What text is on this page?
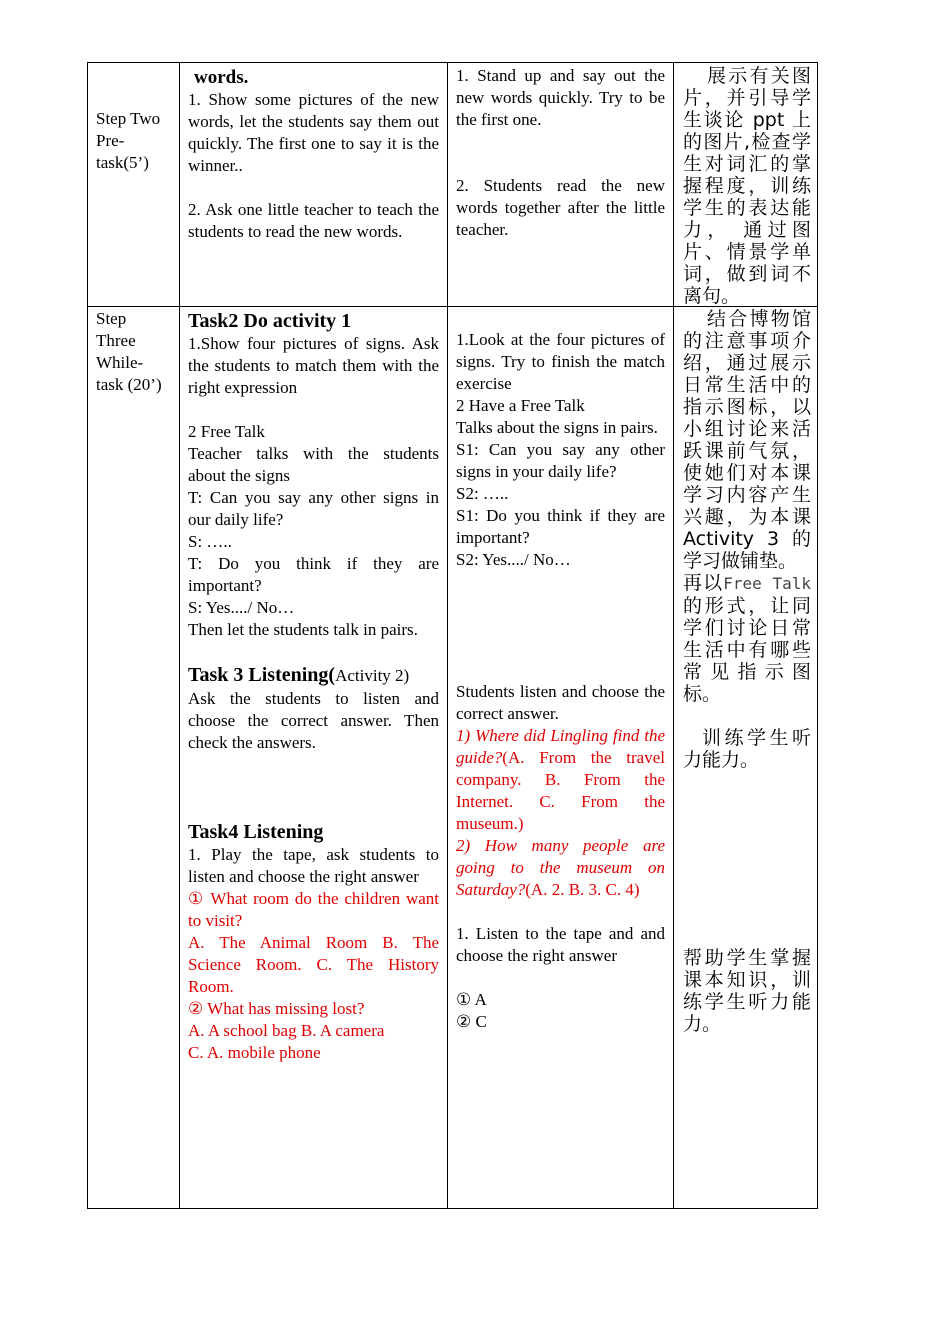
Step Two

Pre-

task(5’)

words.

1. Show some pictures of the new words, let the students say them out quickly. The first one to say it is the winner..

2. Ask one little teacher to teach the students to read the new words.

1. Stand up and say out the new words quickly. Try to be the first one.

2. Students read the new words together after the little teacher.

展示有关图片，并引导学生谈论 ppt 上的图片,检查学生对词汇的掌握程度，训练学生的表达能力， 通过图片、情景学单词，做到词不离句。

Step

Three

While-

task (20’)

Task2 Do activity 1

1.Show four pictures of signs. Ask the students to match them with the right expression

2 Free Talk

Teacher talks with the students about the signs

T: Can you say any other signs in our daily life?

S: …..

T: Do you think if they are important?

S: Yes..../ No…

Then let the students talk in pairs.

Task 3 Listening(Activity 2)

Ask the students to listen and choose the correct answer. Then check the answers.

Task4 Listening

1. Play the tape, ask students to listen and choose the right answer

① What room do the children want to visit?

A. The Animal Room B. The Science Room. C. The History Room.

② What has missing lost?

A. A school bag B. A camera

C. A. mobile phone

1.Look at the four pictures of signs. Try to finish the match exercise

2 Have a Free Talk

Talks about the signs in pairs.

S1: Can you say any other signs in your daily life?

S2: …..

S1: Do you think if they are important?

S2: Yes..../ No…

Students listen and choose the correct answer.

1) Where did Lingling find the guide?(A. From the travel company. B. From the Internet. C. From the museum.)

2) How many people are going to the museum on Saturday?(A. 2. B. 3. C. 4)

1. Listen to the tape and and choose the right answer

① A

② C

结合博物馆的注意事项介绍，通过展示日常生活中的指示图标，以小组讨论来活跃课前气氛，使她们对本课学习内容产生兴趣，为本课 Activity 3 的学习做铺垫。

再以Free Talk的形式，让同学们讨论日常生活中有哪些常见指示图标。

训练学生听力能力。

帮助学生掌握课本知识，训练学生听力能力。
